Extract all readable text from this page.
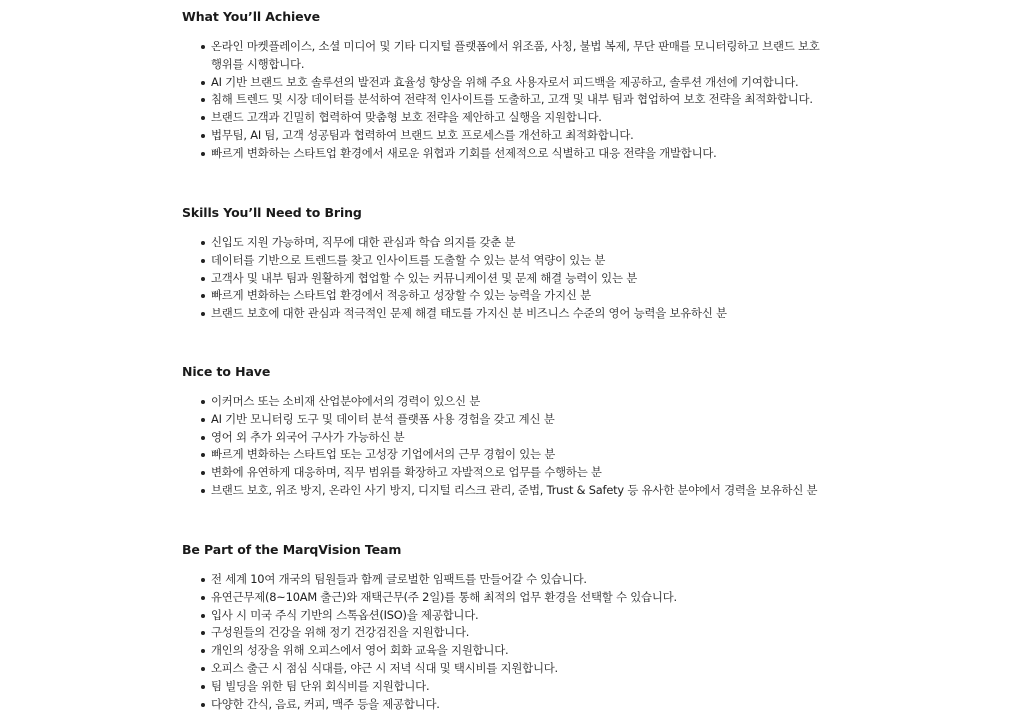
What You’ll Achieve
온라인 마켓플레이스, 소셜 미디어 및 기타 디지털 플랫폼에서 위조품, 사칭, 불법 복제, 무단 판매를 모니터링하고 브랜드 보호 행위를 시행합니다.
AI 기반 브랜드 보호 솔루션의 발전과 효율성 향상을 위해 주요 사용자로서 피드백을 제공하고, 솔루션 개선에 기여합니다.
침해 트렌드 및 시장 데이터를 분석하여 전략적 인사이트를 도출하고, 고객 및 내부 팀과 협업하여 보호 전략을 최적화합니다.
브랜드 고객과 긴밀히 협력하여 맞춤형 보호 전략을 제안하고 실행을 지원합니다.
법무팀, AI 팀, 고객 성공팀과 협력하여 브랜드 보호 프로세스를 개선하고 최적화합니다.
빠르게 변화하는 스타트업 환경에서 새로운 위협과 기회를 선제적으로 식별하고 대응 전략을 개발합니다.
Skills You’ll Need to Bring
신입도 지원 가능하며, 직무에 대한 관심과 학습 의지를 갖춘 분
데이터를 기반으로 트렌드를 찾고 인사이트를 도출할 수 있는 분석 역량이 있는 분
고객사 및 내부 팀과 원활하게 협업할 수 있는 커뮤니케이션 및 문제 해결 능력이 있는 분
빠르게 변화하는 스타트업 환경에서 적응하고 성장할 수 있는 능력을 가지신 분
브랜드 보호에 대한 관심과 적극적인 문제 해결 태도를 가지신 분 비즈니스 수준의 영어 능력을 보유하신 분
Nice to Have
이커머스 또는 소비재 산업분야에서의 경력이 있으신 분
AI 기반 모니터링 도구 및 데이터 분석 플랫폼 사용 경험을 갖고 계신 분
영어 외 추가 외국어 구사가 가능하신 분
빠르게 변화하는 스타트업 또는 고성장 기업에서의 근무 경험이 있는 분
변화에 유연하게 대응하며, 직무 범위를 확장하고 자발적으로 업무를 수행하는 분
브랜드 보호, 위조 방지, 온라인 사기 방지, 디지털 리스크 관리, 준법, Trust & Safety 등 유사한 분야에서 경력을 보유하신 분
Be Part of the MarqVision Team
전 세계 10여 개국의 팀원들과 함께 글로벌한 임팩트를 만들어갈 수 있습니다.
유연근무제(8~10AM 출근)와 재택근무(주 2일)를 통해 최적의 업무 환경을 선택할 수 있습니다.
입사 시 미국 주식 기반의 스톡옵션(ISO)을 제공합니다.
구성원들의 건강을 위해 정기 건강검진을 지원합니다.
개인의 성장을 위해 오피스에서 영어 회화 교육을 지원합니다.
오피스 출근 시 점심 식대를, 야근 시 저녁 식대 및 택시비를 지원합니다.
팀 빌딩을 위한 팀 단위 회식비를 지원합니다.
다양한 간식, 음료, 커피, 맥주 등을 제공합니다.
